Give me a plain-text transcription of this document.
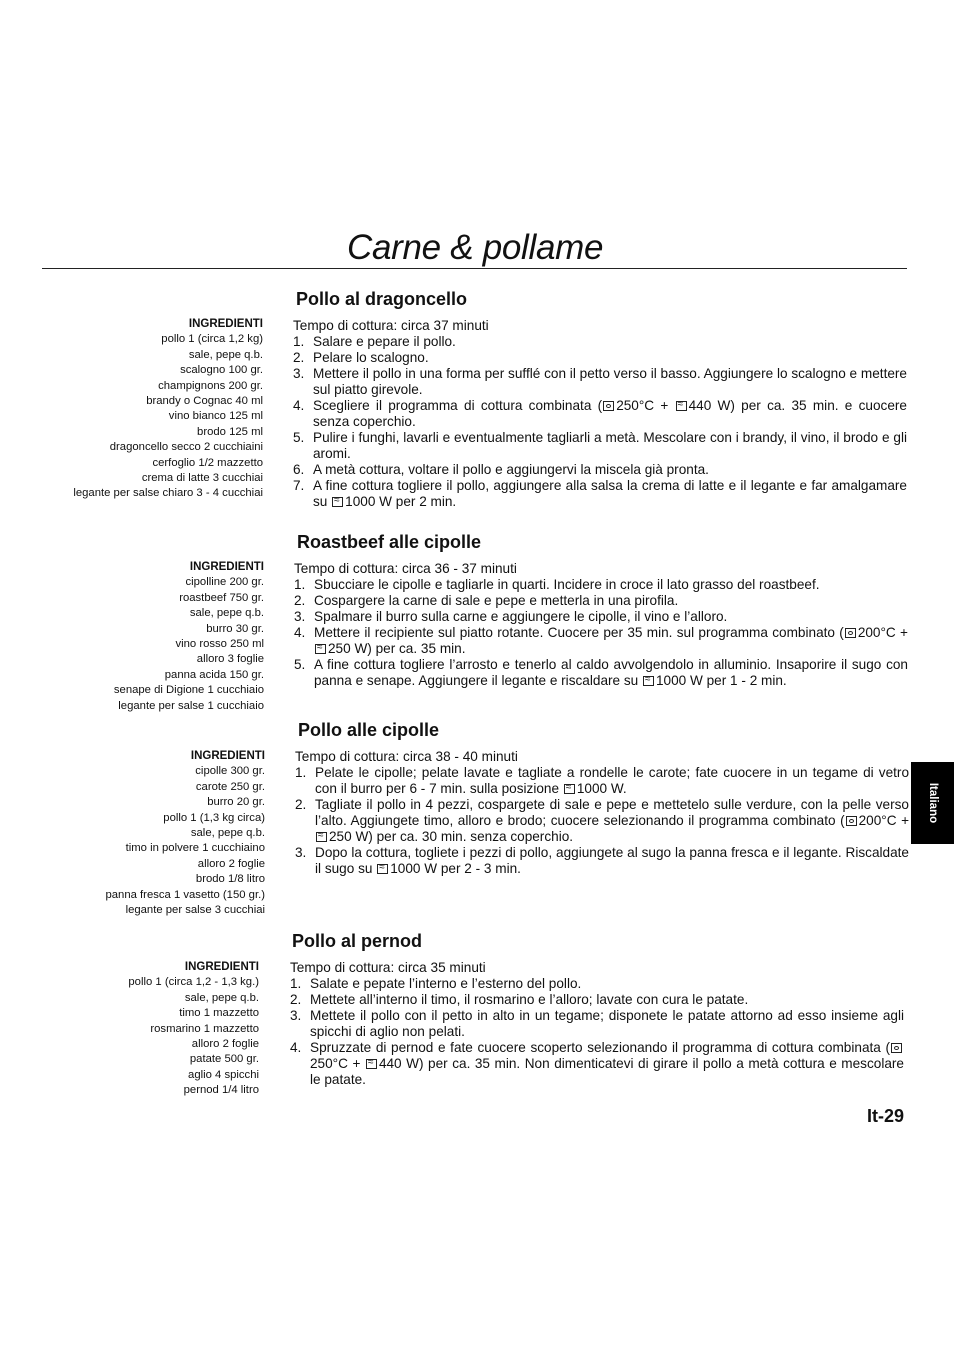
Carne & pollame
INGREDIENTI
pollo 1 (circa 1,2 kg)
sale, pepe q.b.
scalogno 100 gr.
champignons 200 gr.
brandy o Cognac 40 ml
vino bianco 125 ml
brodo 125 ml
dragoncello secco 2 cucchiaini
cerfoglio 1/2 mazzetto
crema di latte 3 cucchiai
legante per salse chiaro 3 - 4 cucchiai
Pollo al dragoncello
Tempo di cottura: circa 37 minuti
1. Salare e pepare il pollo.
2. Pelare lo scalogno.
3. Mettere il pollo in una forma per sufflé con il petto verso il basso. Aggiungere lo scalogno e mettere sul piatto girevole.
4. Scegliere il programma di cottura combinata ( 250°C + ≈440 W) per ca. 35 min. e cuocere senza coperchio.
5. Pulire i funghi, lavarli e eventualmente tagliarli a metà. Mescolare con i brandy, il vino, il brodo e gli aromi.
6. A metà cottura, voltare il pollo e aggiungervi la miscela già pronta.
7. A fine cottura togliere il pollo, aggiungere alla salsa la crema di latte e il legante e far amalgamare su ≈1000 W per 2 min.
INGREDIENTI
cipolline 200 gr.
roastbeef 750 gr.
sale, pepe q.b.
burro 30 gr.
vino rosso 250 ml
alloro 3 foglie
panna acida 150 gr.
senape di Digione 1 cucchiaio
legante per salse 1 cucchiaio
Roastbeef alle cipolle
Tempo di cottura: circa 36 - 37 minuti
1. Sbucciare le cipolle e tagliarle in quarti. Incidere in croce il lato grasso del roastbeef.
2. Cospargere la carne di sale e pepe e metterla in una pirofila.
3. Spalmare il burro sulla carne e aggiungere le cipolle, il vino e l’alloro.
4. Mettere il recipiente sul piatto rotante. Cuocere per 35 min. sul programma combinato ( 200°C + ≈250 W) per ca. 35 min.
5. A fine cottura togliere l’arrosto e tenerlo al caldo avvolgendolo in alluminio. Insaporire il sugo con panna e senape. Aggiungere il legante e riscaldare su ≈1000 W per 1 - 2 min.
INGREDIENTI
cipolle 300 gr.
carote 250 gr.
burro 20 gr.
pollo 1 (1,3 kg circa)
sale, pepe q.b.
timo in polvere 1 cucchiaino
alloro 2 foglie
brodo 1/8 litro
panna fresca 1 vasetto (150 gr.)
legante per salse 3 cucchiai
Pollo alle cipolle
Tempo di cottura: circa 38 - 40 minuti
1. Pelate le cipolle; pelate lavate e tagliate a rondelle le carote; fate cuocere in un tegame di vetro con il burro per 6 - 7 min. sulla posizione ≈1000 W.
2. Tagliate il pollo in 4 pezzi, cospargete di sale e pepe e mettetelo sulle verdure, con la pelle verso l’alto. Aggiungete timo, alloro e brodo; cuocere selezionando il programma combinato ( 200°C + ≈250 W) per ca. 30 min. senza coperchio.
3. Dopo la cottura, togliete i pezzi di pollo, aggiungete al sugo la panna fresca e il legante. Riscaldate il sugo su ≈1000 W per 2 - 3 min.
INGREDIENTI
pollo 1 (circa 1,2 - 1,3 kg.)
sale, pepe q.b.
timo 1 mazzetto
rosmarino 1 mazzetto
alloro 2 foglie
patate 500 gr.
aglio 4 spicchi
pernod 1/4 litro
Pollo al pernod
Tempo di cottura: circa 35 minuti
1. Salate e pepate l’interno e l’esterno del pollo.
2. Mettete all’interno il timo, il rosmarino e l’alloro; lavate con cura le patate.
3. Mettete il pollo con il petto in alto in un tegame; disponete le patate attorno ad esso insieme agli spicchi di aglio non pelati.
4. Spruzzate di pernod e fate cuocere scoperto selezionando il programma di cottura combinata (250°C + ≈440 W) per ca. 35 min. Non dimenticatevi di girare il pollo a metà cottura e mescolare le patate.
Italiano

It-29
